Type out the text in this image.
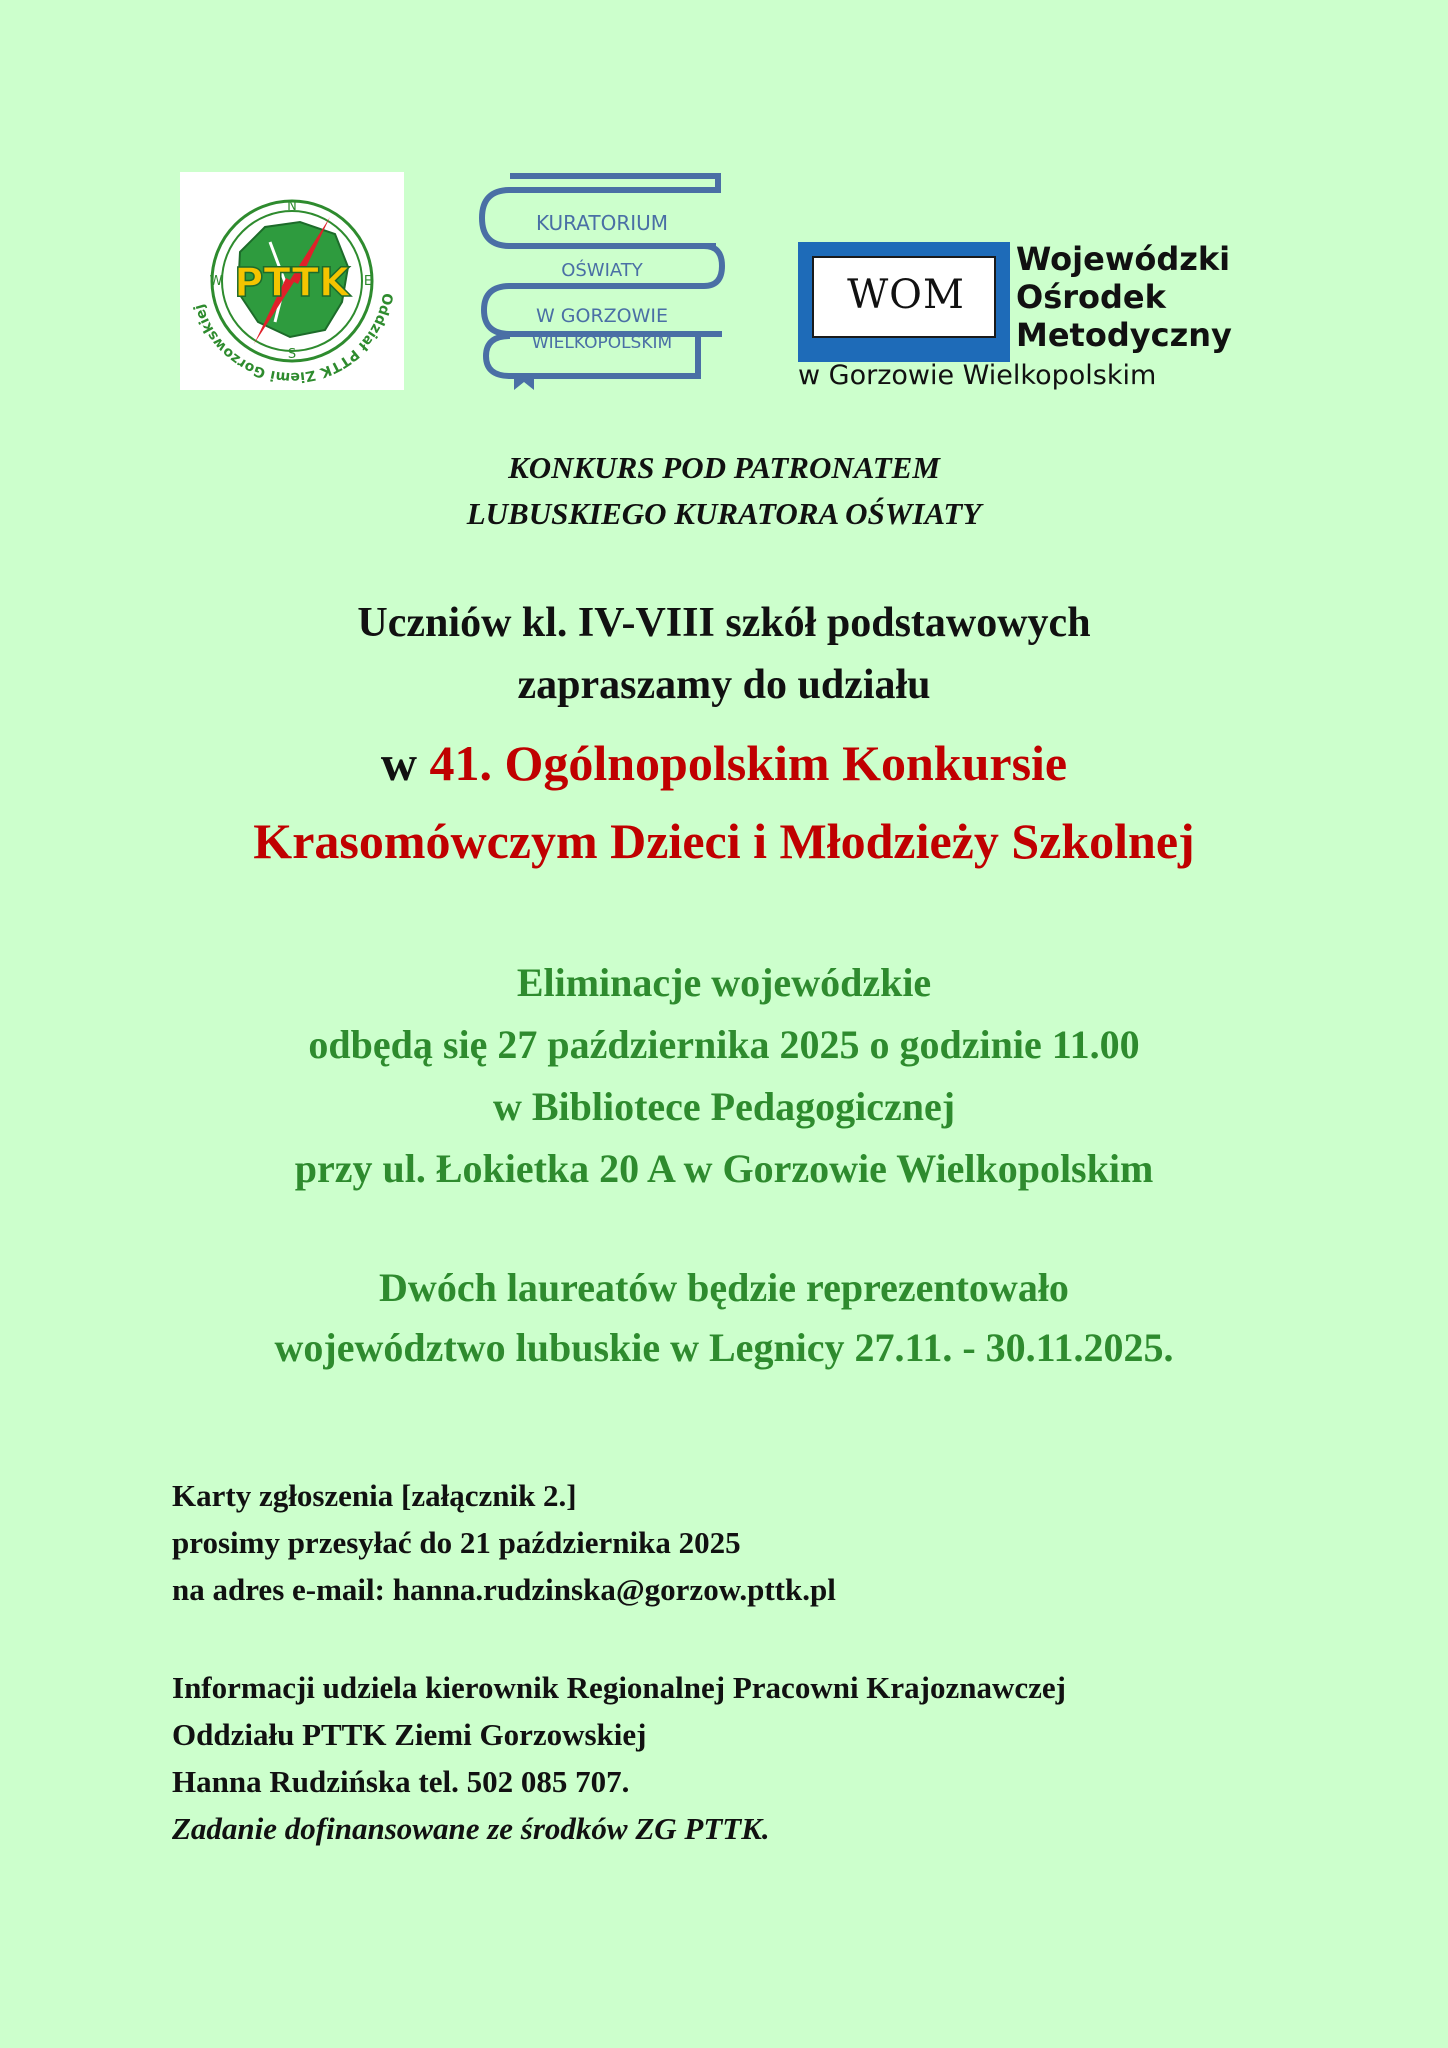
PTTK
N
E
S
W
Oddział PTTK Ziemi Gorzowskiej
KURATORIUM
OŚWIATY
W GORZOWIE
WIELKOPOLSKIM
WOM
Wojewódzki
Ośrodek
Metodyczny
w Gorzowie Wielkopolskim
KONKURS POD PATRONATEM
LUBUSKIEGO KURATORA OŚWIATY
Uczniów kl. IV-VIII szkół podstawowych
zapraszamy do udziału
w 41. Ogólnopolskim Konkursie
Krasomówczym Dzieci i Młodzieży Szkolnej
Eliminacje wojewódzkie
odbędą się 27 października 2025 o godzinie 11.00
w Bibliotece Pedagogicznej
przy ul. Łokietka 20 A w Gorzowie Wielkopolskim
Dwóch laureatów będzie reprezentowało
województwo lubuskie w Legnicy 27.11. - 30.11.2025.
Karty zgłoszenia [załącznik 2.]
prosimy przesyłać do 21 października 2025
na adres e-mail: hanna.rudzinska@gorzow.pttk.pl
Informacji udziela kierownik Regionalnej Pracowni Krajoznawczej
Oddziału PTTK Ziemi Gorzowskiej
Hanna Rudzińska tel. 502 085 707.
Zadanie dofinansowane ze środków ZG PTTK.
